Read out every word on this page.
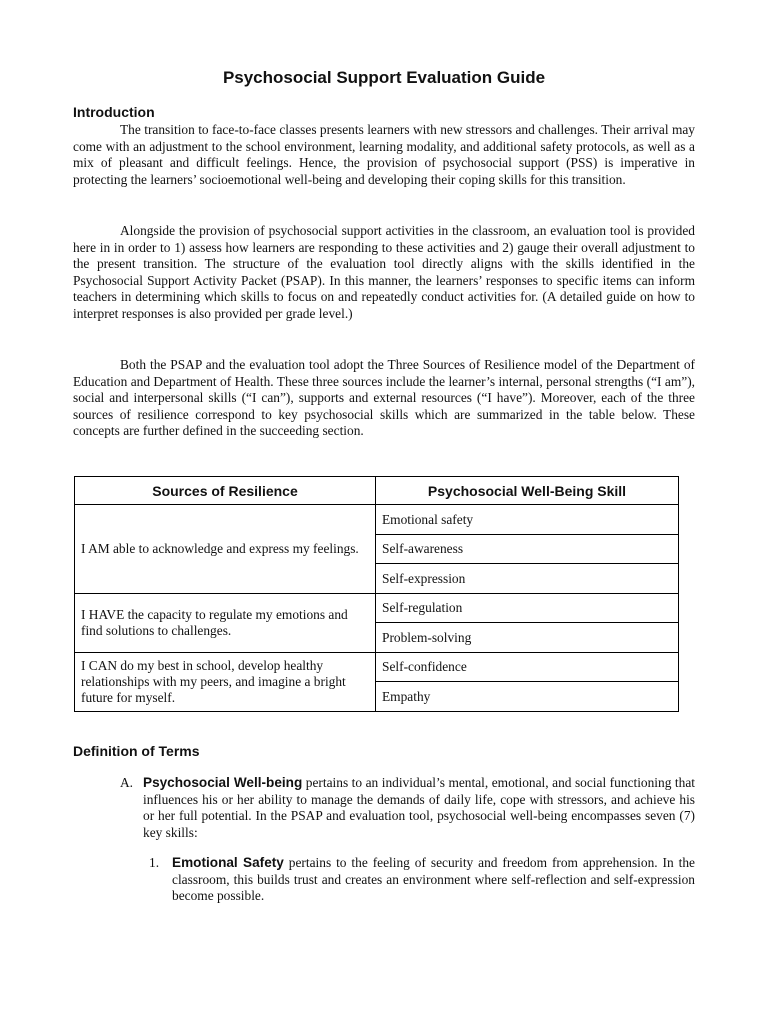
Psychosocial Support Evaluation Guide
Introduction

The transition to face-to-face classes presents learners with new stressors and challenges. Their arrival may come with an adjustment to the school environment, learning modality, and additional safety protocols, as well as a mix of pleasant and difficult feelings. Hence, the provision of psychosocial support (PSS) is imperative in protecting the learners’ socioemotional well-being and developing their coping skills for this transition.

Alongside the provision of psychosocial support activities in the classroom, an evaluation tool is provided here in in order to 1) assess how learners are responding to these activities and 2) gauge their overall adjustment to the present transition. The structure of the evaluation tool directly aligns with the skills identified in the Psychosocial Support Activity Packet (PSAP). In this manner, the learners’ responses to specific items can inform teachers in determining which skills to focus on and repeatedly conduct activities for. (A detailed guide on how to interpret responses is also provided per grade level.)

Both the PSAP and the evaluation tool adopt the Three Sources of Resilience model of the Department of Education and Department of Health. These three sources include the learner’s internal, personal strengths (“I am”), social and interpersonal skills (“I can”), supports and external resources (“I have”). Moreover, each of the three sources of resilience correspond to key psychosocial skills which are summarized in the table below. These concepts are further defined in the succeeding section.

Sources of Resilience	Psychosocial Well-Being Skill
I AM able to acknowledge and express my feelings.	Emotional safety
	Self-awareness
	Self-expression
I HAVE the capacity to regulate my emotions and find solutions to challenges.	Self-regulation
	Problem-solving
I CAN do my best in school, develop healthy relationships with my peers, and imagine a bright future for myself.	Self-confidence
	Empathy
Definition of Terms
A. Psychosocial Well-being pertains to an individual’s mental, emotional, and social functioning that influences his or her ability to manage the demands of daily life, cope with stressors, and achieve his or her full potential. In the PSAP and evaluation tool, psychosocial well-being encompasses seven (7) key skills:

1. Emotional Safety pertains to the feeling of security and freedom from apprehension. In the classroom, this builds trust and creates an environment where self-reflection and self-expression become possible.
